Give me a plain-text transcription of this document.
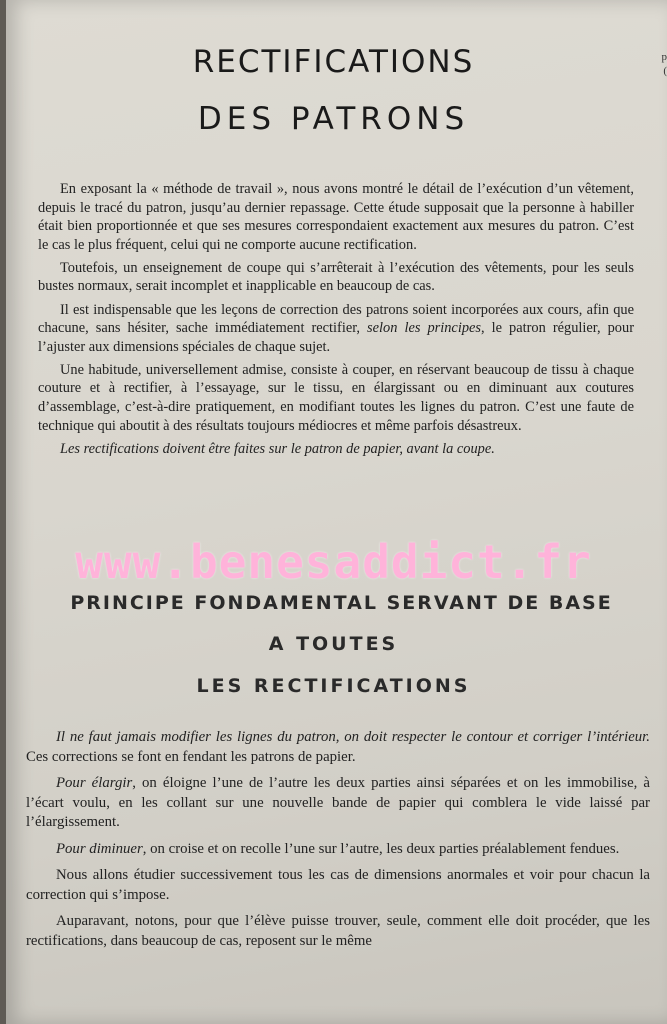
p
(
RECTIFICATIONS
DES PATRONS

En exposant la « méthode de travail », nous avons montré le détail de l’exécution d’un vêtement, depuis le tracé du patron, jusqu’au dernier repassage. Cette étude supposait que la personne à habiller était bien proportionnée et que ses mesures correspondaient exactement aux mesures du patron. C’est le cas le plus fréquent, celui qui ne comporte aucune rectification.

Toutefois, un enseignement de coupe qui s’arrêterait à l’exécution des vêtements, pour les seuls bustes normaux, serait incomplet et inapplicable en beaucoup de cas.

Il est indispensable que les leçons de correction des patrons soient incorporées aux cours, afin que chacune, sans hésiter, sache immédiatement rectifier, selon les principes, le patron régulier, pour l’ajuster aux dimensions spéciales de chaque sujet.

Une habitude, universellement admise, consiste à couper, en réservant beaucoup de tissu à chaque couture et à rectifier, à l’essayage, sur le tissu, en élargissant ou en diminuant aux coutures d’assemblage, c’est-à-dire pratiquement, en modifiant toutes les lignes du patron. C’est une faute de technique qui aboutit à des résultats toujours médiocres et même parfois désastreux.

Les rectifications doivent être faites sur le patron de papier, avant la coupe.

www.benesaddict.fr
PRINCIPE FONDAMENTAL SERVANT DE BASE
A TOUTES
LES RECTIFICATIONS

Il ne faut jamais modifier les lignes du patron, on doit respecter le contour et corriger l’intérieur. Ces corrections se font en fendant les patrons de papier.

Pour élargir, on éloigne l’une de l’autre les deux parties ainsi séparées et on les immobilise, à l’écart voulu, en les collant sur une nouvelle bande de papier qui comblera le vide laissé par l’élargissement.

Pour diminuer, on croise et on recolle l’une sur l’autre, les deux parties préalablement fendues.

Nous allons étudier successivement tous les cas de dimensions anormales et voir pour chacun la correction qui s’impose.

Auparavant, notons, pour que l’élève puisse trouver, seule, comment elle doit procéder, que les rectifications, dans beaucoup de cas, reposent sur le même
